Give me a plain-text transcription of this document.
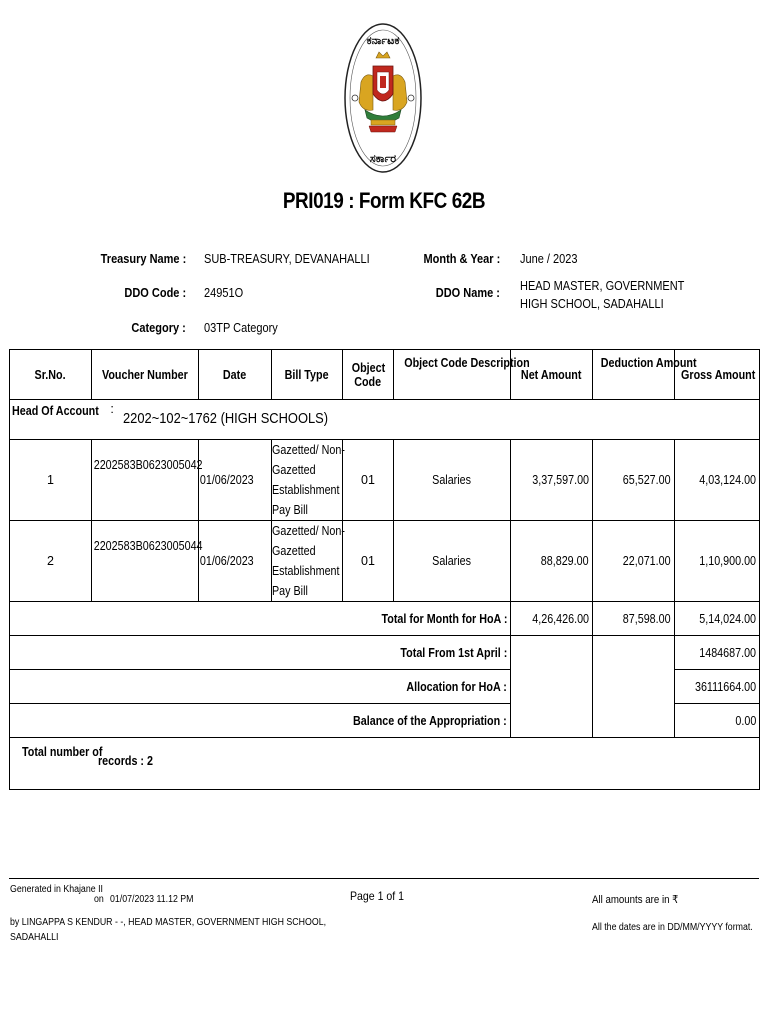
ಕರ್ನಾಟಕ
ಸರ್ಕಾರ
PRI019 : Form KFC 62B
Treasury Name : SUB-TREASURY, DEVANAHALLI	Month & Year : June / 2023
DDO Code : 24951O	DDO Name : HEAD MASTER, GOVERNMENT
HIGH SCHOOL, SADAHALLI
Category : 03TP Category
Sr.No.	Voucher Number	Date	Bill Type	Object
Code	Object Code Description	Net Amount	Deduction Amount	Gross Amount
Head Of Account : 2202~102~1762 (HIGH SCHOOLS)								
1	2202583B0623005042	01/06/2023	Gazetted/ Non-
Gazetted
Establishment
Pay Bill	01	Salaries	3,37,597.00	65,527.00	4,03,124.00
2	2202583B0623005044	01/06/2023	Gazetted/ Non-
Gazetted
Establishment
Pay Bill	01	Salaries	88,829.00	22,071.00	1,10,900.00
Total for Month for HoA :						4,26,426.00	87,598.00	5,14,024.00
Total From 1st April :								1484687.00
Allocation for HoA :								36111664.00
Balance of the Appropriation :								0.00
Total number ofrecords : 2								
Generated in Khajane II
on 01/07/2023 11.12 PM
by LINGAPPA S KENDUR - -, HEAD MASTER, GOVERNMENT HIGH SCHOOL,
SADAHALLI
Page 1 of 1	All amounts are in ₹
All the dates are in DD/MM/YYYY format.
